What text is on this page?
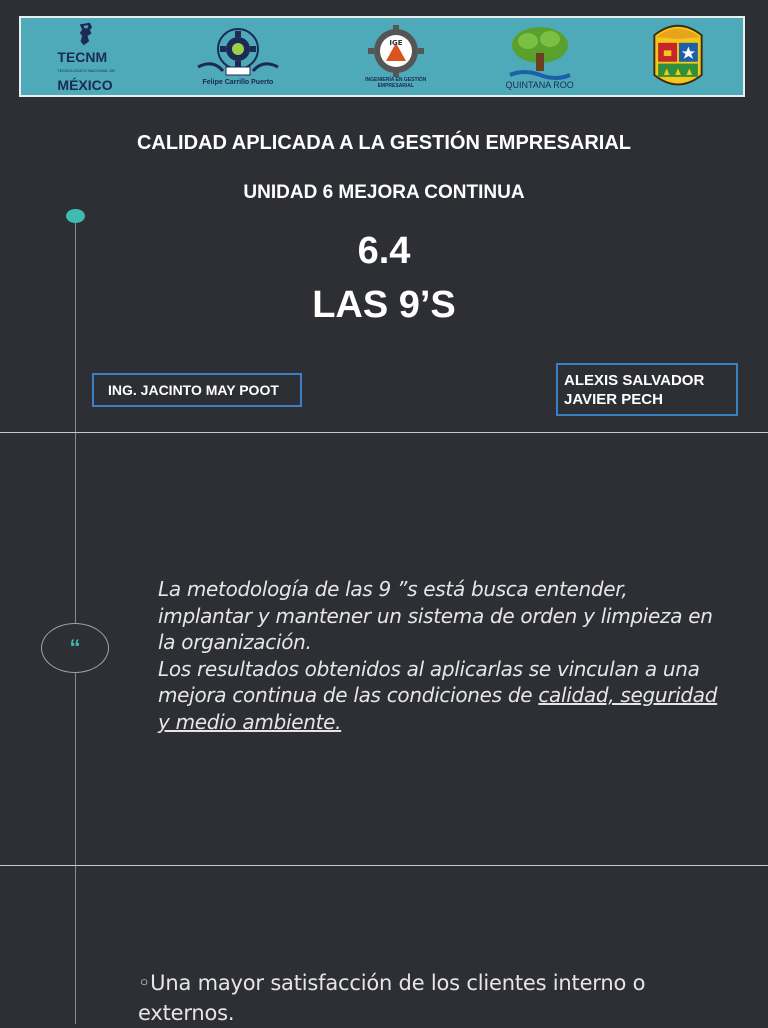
TECNM
TECNOLÓGICO NACIONAL DE
MÉXICO	Felipe Carrillo Puerto
IGE
INGENIERÍA EN GESTIÓN EMPRESARIAL	QUINTANA ROO
CALIDAD APLICADA A LA GESTIÓN EMPRESARIAL
UNIDAD 6 MEJORA CONTINUA
6.4
LAS 9’S
ING. JACINTO MAY POOT
ALEXIS SALVADOR
JAVIER PECH
“
La metodología de las 9 ”s está busca entender, implantar y mantener un sistema de orden y limpieza en la organización.
Los resultados obtenidos al aplicarlas se vinculan a una mejora continua de las condiciones de calidad, seguridad y medio ambiente.
◦Una mayor satisfacción de los clientes interno o externos.
